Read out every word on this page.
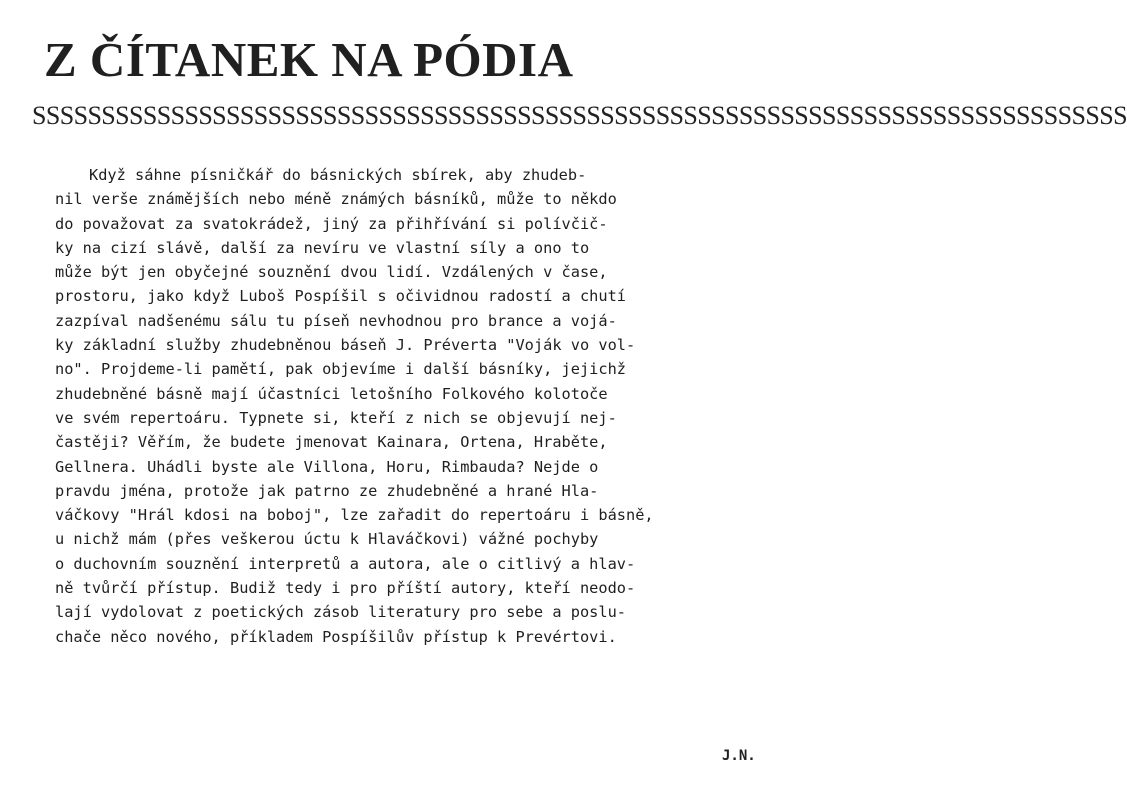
Z ČÍTANEK NA PÓDIA
SSSSSSSSSSSSSSSSSSSSSSSSSSSSSSSSSSSSSSSSSSSSSSSSSSSSSSSSSSSSSSSSSSSSSSSSSSSSSSS
Když sáhne písničkář do básnických sbírek, aby zhudeb-
nil verše známějších nebo méně známých básníků, může to někdo
do považovat za svatokrádež, jiný za přihřívání si polívčič-
ky na cizí slávě, další za nevíru ve vlastní síly a ono to
může být jen obyčejné souznění dvou lidí. Vzdálených v čase,
prostoru, jako když Luboš Pospíšil s očividnou radostí a chutí
zazpíval nadšenému sálu tu píseň nevhodnou pro brance a vojá-
ky základní služby zhudebněnou báseň J. Préverta "Voják vo vol-
no". Projdeme-li pamětí, pak objevíme i další básníky, jejichž
zhudebněné básně mají účastníci letošního Folkového kolotoče
ve svém repertoáru. Typnete si, kteří z nich se objevují nej-
častěji? Věřím, že budete jmenovat Kainara, Ortena, Hraběte,
Gellnera. Uhádli byste ale Villona, Horu, Rimbauda? Nejde o
pravdu jména, protože jak patrno ze zhudebněné a hrané Hla-
váčkovy "Hrál kdosi na boboj", lze zařadit do repertoáru i básně,
u nichž mám (přes veškerou úctu k Hlaváčkovi) vážné pochyby
o duchovním souznění interpretů a autora, ale o citlivý a hlav-
ně tvůrčí přístup. Budiž tedy i pro příští autory, kteří neodo-
lají vydolovat z poetických zásob literatury pro sebe a poslu-
chače něco nového, příkladem Pospíšilův přístup k Prevértovi.
J.N.
